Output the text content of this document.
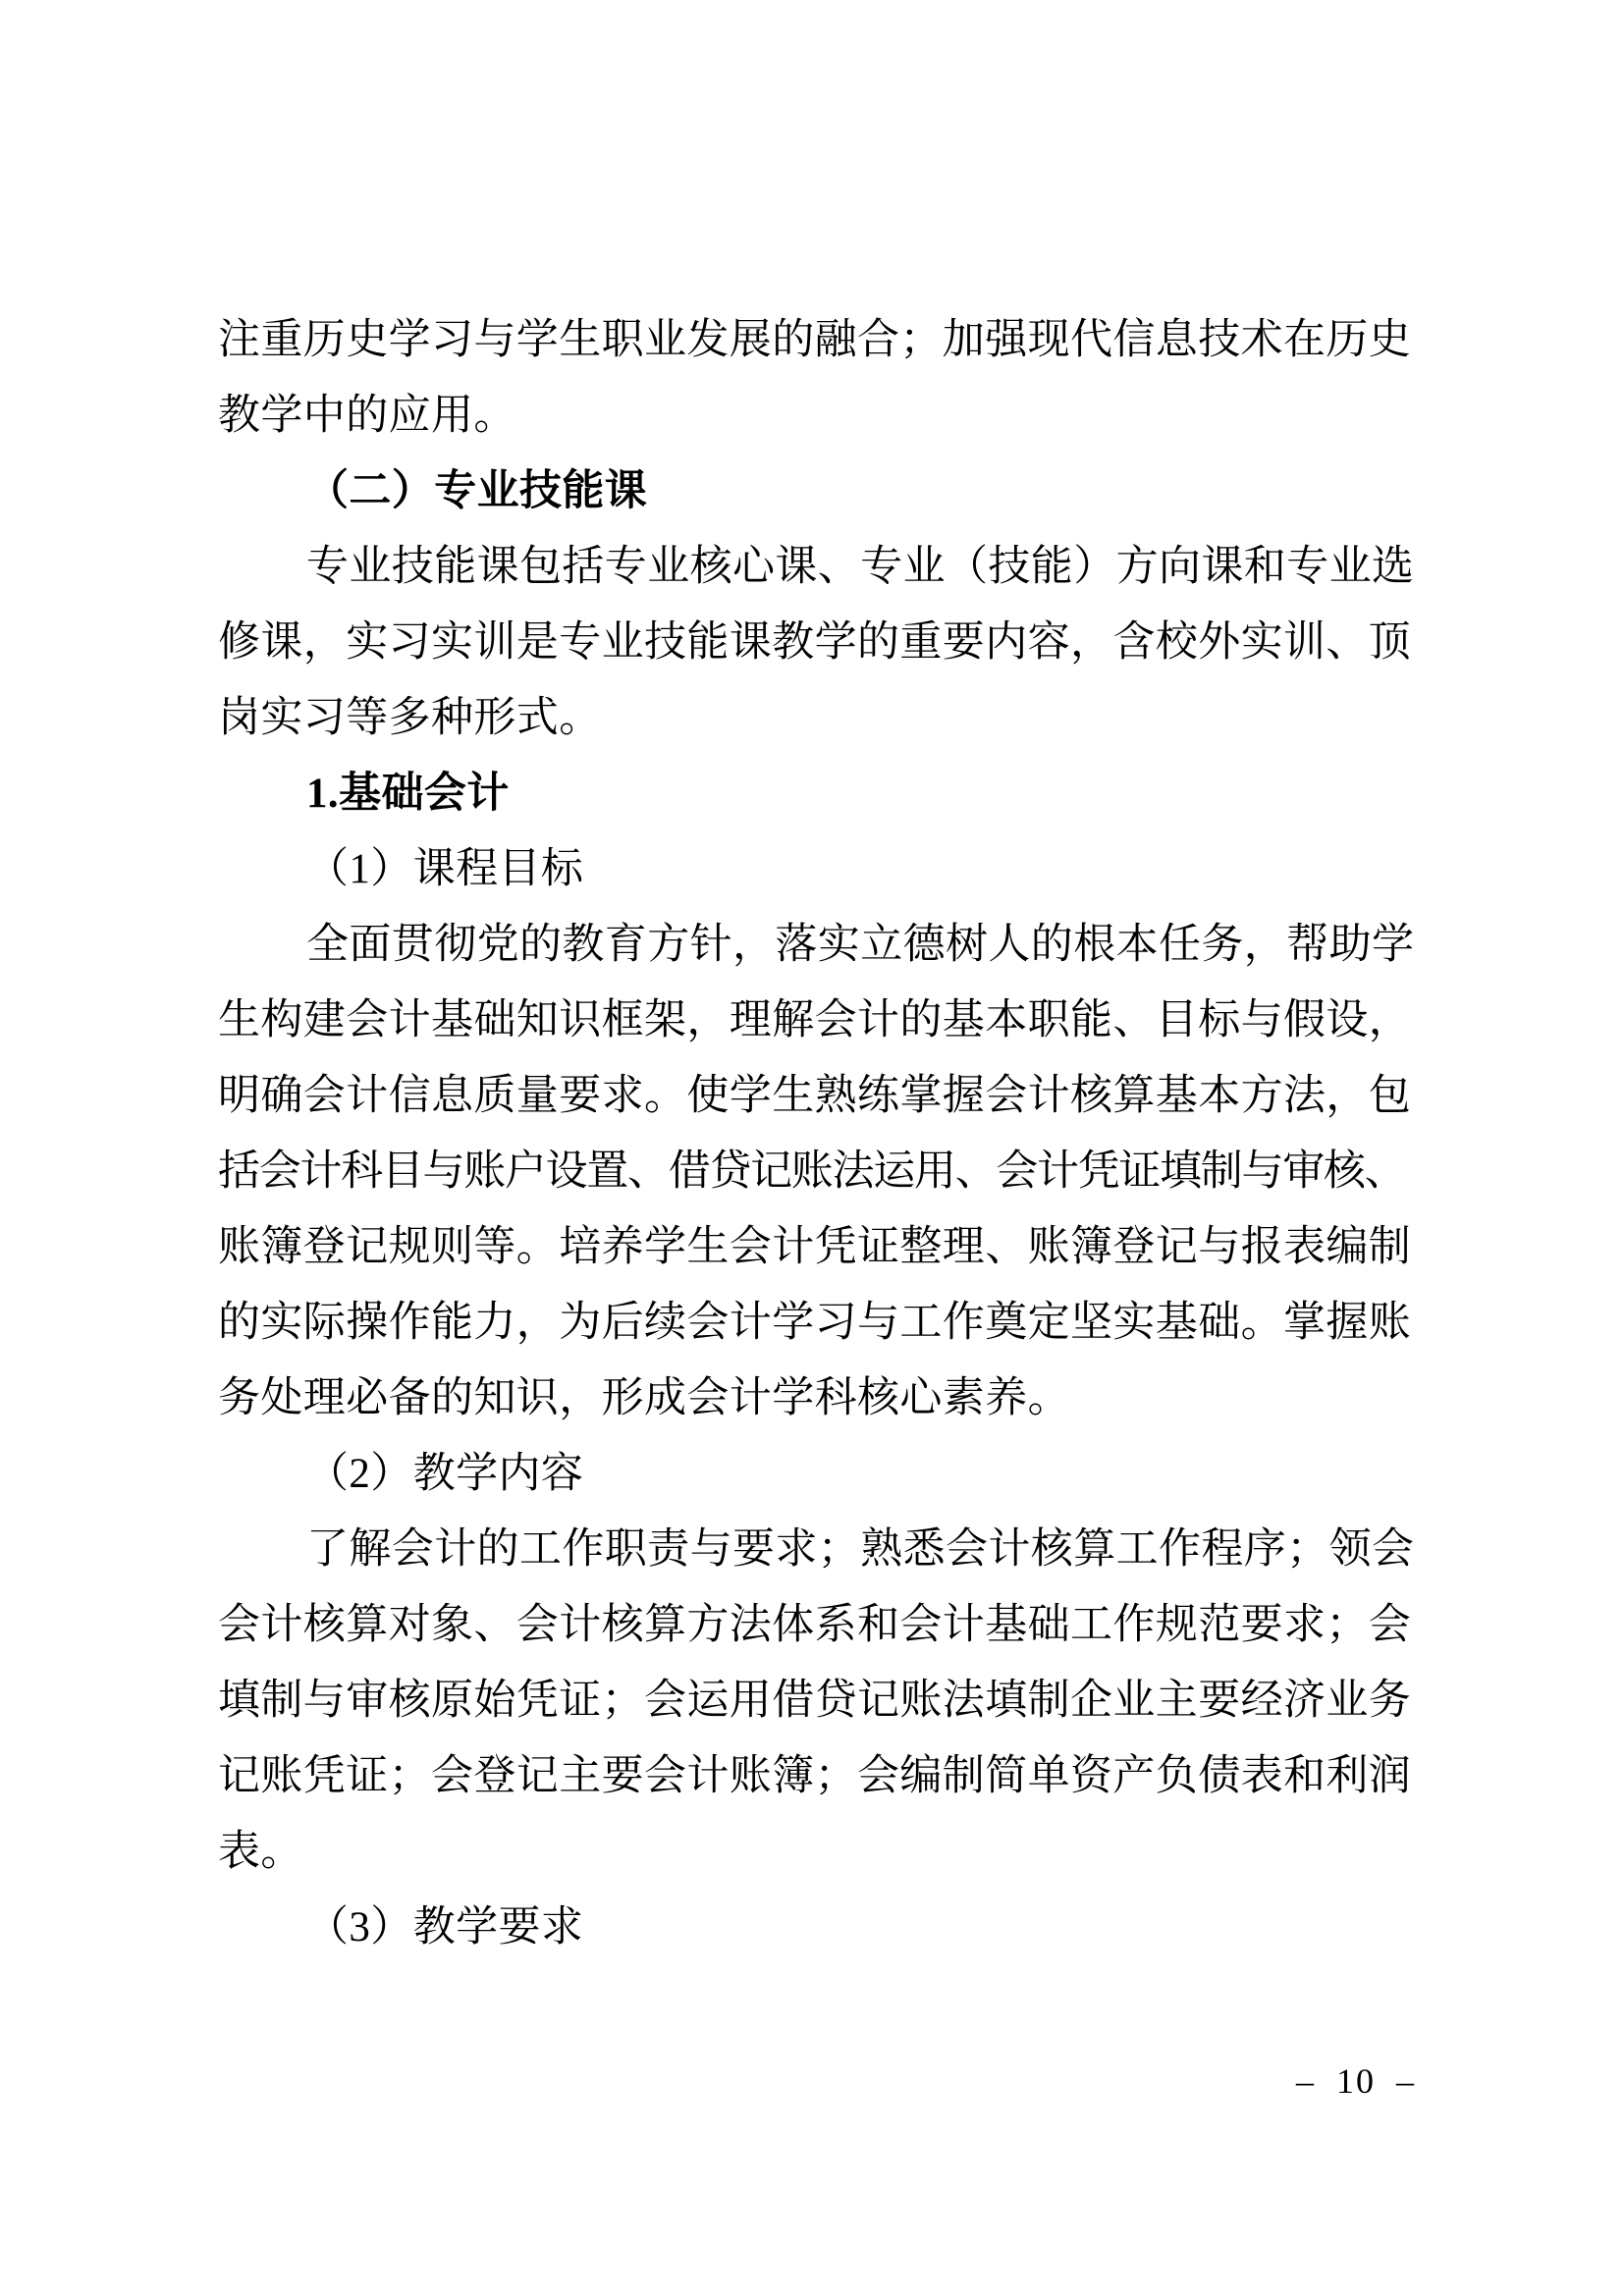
注重历史学习与学生职业发展的融合；加强现代信息技术在历史

教学中的应用。

（二）专业技能课

专业技能课包括专业核心课、专业（技能）方向课和专业选

修课，实习实训是专业技能课教学的重要内容，含校外实训、顶

岗实习等多种形式。

1.基础会计

（1）课程目标

全面贯彻党的教育方针，落实立德树人的根本任务，帮助学

生构建会计基础知识框架，理解会计的基本职能、目标与假设，

明确会计信息质量要求。使学生熟练掌握会计核算基本方法，包

括会计科目与账户设置、借贷记账法运用、会计凭证填制与审核、

账簿登记规则等。培养学生会计凭证整理、账簿登记与报表编制

的实际操作能力，为后续会计学习与工作奠定坚实基础。掌握账

务处理必备的知识，形成会计学科核心素养。

（2）教学内容

了解会计的工作职责与要求；熟悉会计核算工作程序；领会

会计核算对象、会计核算方法体系和会计基础工作规范要求；会

填制与审核原始凭证；会运用借贷记账法填制企业主要经济业务

记账凭证；会登记主要会计账簿；会编制简单资产负债表和利润

表。

（3）教学要求

– 10 –
